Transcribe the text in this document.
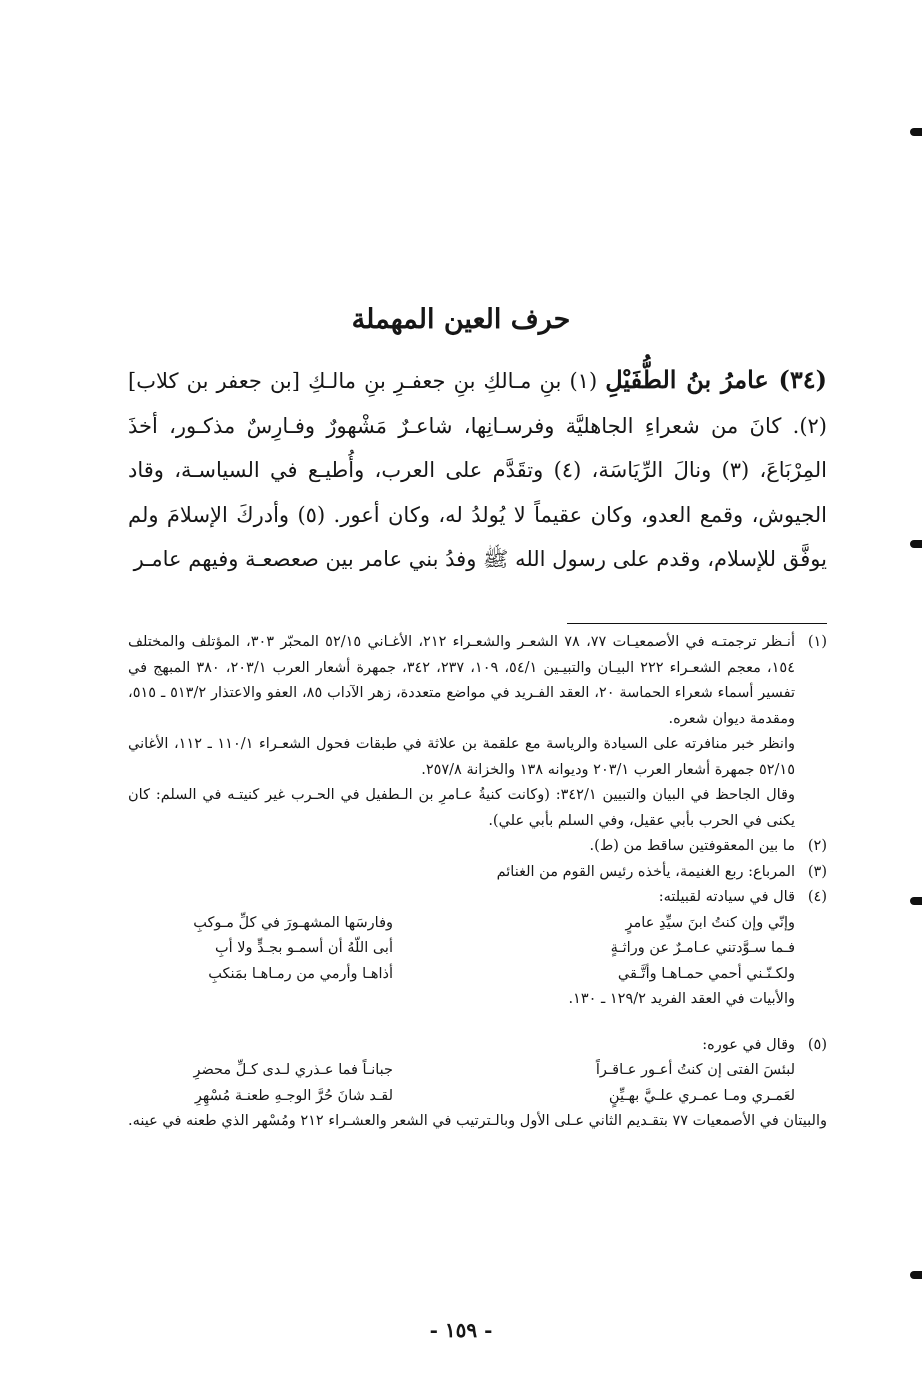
حرف العين المهملة

(٣٤) عامرُ بنُ الطُّفَيْلِ (١) بنِ مـالكِ بنِ جعفـرِ بنِ مالـكِ [بن جعفر بن كلاب](٢). كانَ من شعراءِ الجاهليَّة وفرسـانِها، شاعـرٌ مَشْهورٌ وفـارِسٌ مذكـور، أخذَ المِرْبَاعَ، (٣) ونالَ الرِّيَاسَة، (٤) وتقَدَّم على العرب، وأُطيـع في السياسـة، وقاد الجيوش، وقمع العدو، وكان عقيماً لا يُولدُ له، وكان أعور. (٥) وأدركَ الإسلامَ ولم يوفَّق للإسلام، وقدم على رسول الله ﷺ وفدُ بني عامر بين صعصعـة وفيهم عامـر

(١)

أنـظر ترجمتـه في الأصمعيـات ٧٧، ٧٨ الشعـر والشعـراء ٢١٢، الأغـاني ٥٢/١٥ المحبّر ٣٠٣، المؤتلف والمختلف ١٥٤، معجم الشعـراء ٢٢٢ البيـان والتبيـين ٥٤/١، ١٠٩، ٢٣٧، ٣٤٢، جمهرة أشعار العرب ٢٠٣/١، ٣٨٠ المبهج في تفسير أسماء شعراء الحماسة ٢٠، العقد الفـريد في مواضع متعددة، زهر الآداب ٨٥، العفو والاعتذار ٥١٣/٢ ـ ٥١٥، ومقدمة ديوان شعره.

وانظر خبر منافرته على السيادة والرياسة مع علقمة بن علاثة في طبقات فحول الشعـراء ١١٠/١ ـ ١١٢، الأغاني ٥٢/١٥ جمهرة أشعار العرب ٢٠٣/١ وديوانه ١٣٨ والخزانة ٢٥٧/٨.

وقال الجاحظ في البيان والتبيين ٣٤٢/١: (وكانت كنيةُ عـامرِ بن الـطفيل في الحـرب غير كنيتـه في السلم: كان يكنى في الحرب بأبي عقيل، وفي السلم بأبي علي).

(٢)

ما بين المعقوفتين ساقط من (ط).

(٣)

المرباع: ربع الغنيمة، يأخذه رئيس القوم من الغنائم

(٤)

قال في سيادته لقبيلته:

وإنّي وإن كنتُ ابنَ سيِّدِ عامرٍ
وفارسَها المشهـورَ في كلِّ مـوكبِ
فـما سـوَّدتني عـامـرٌ عن وراثـةٍ
أبى اللّهُ أن أسمـو بجـدٍّ ولا أبِ
ولكـنّـني أحمي حمـاهـا وأتَّـقي
أذاهـا وأرمي من رمـاهـا بمَنكبِ

والأبيات في العقد الفريد ١٢٩/٢ ـ ١٣٠.

(٥)

وقال في عوره:

لبئسَ الفتى إن كنتُ أعـور عـاقـراً
جبانـاً فما عـذري لـدى كـلِّ محضرِ
لعَمـري ومـا عمـري علـيَّ بهـيِّنٍ
لقـد شانَ حُرَّ الوجـهِ طعنـة مُسْهِرِ

والبيتان في الأصمعيات ٧٧ بتقـديم الثاني عـلى الأول وبالـترتيب في الشعر والعشـراء ٢١٢ ومُسْهر الذي طعنه في عينه.

- ١٥٩ -
